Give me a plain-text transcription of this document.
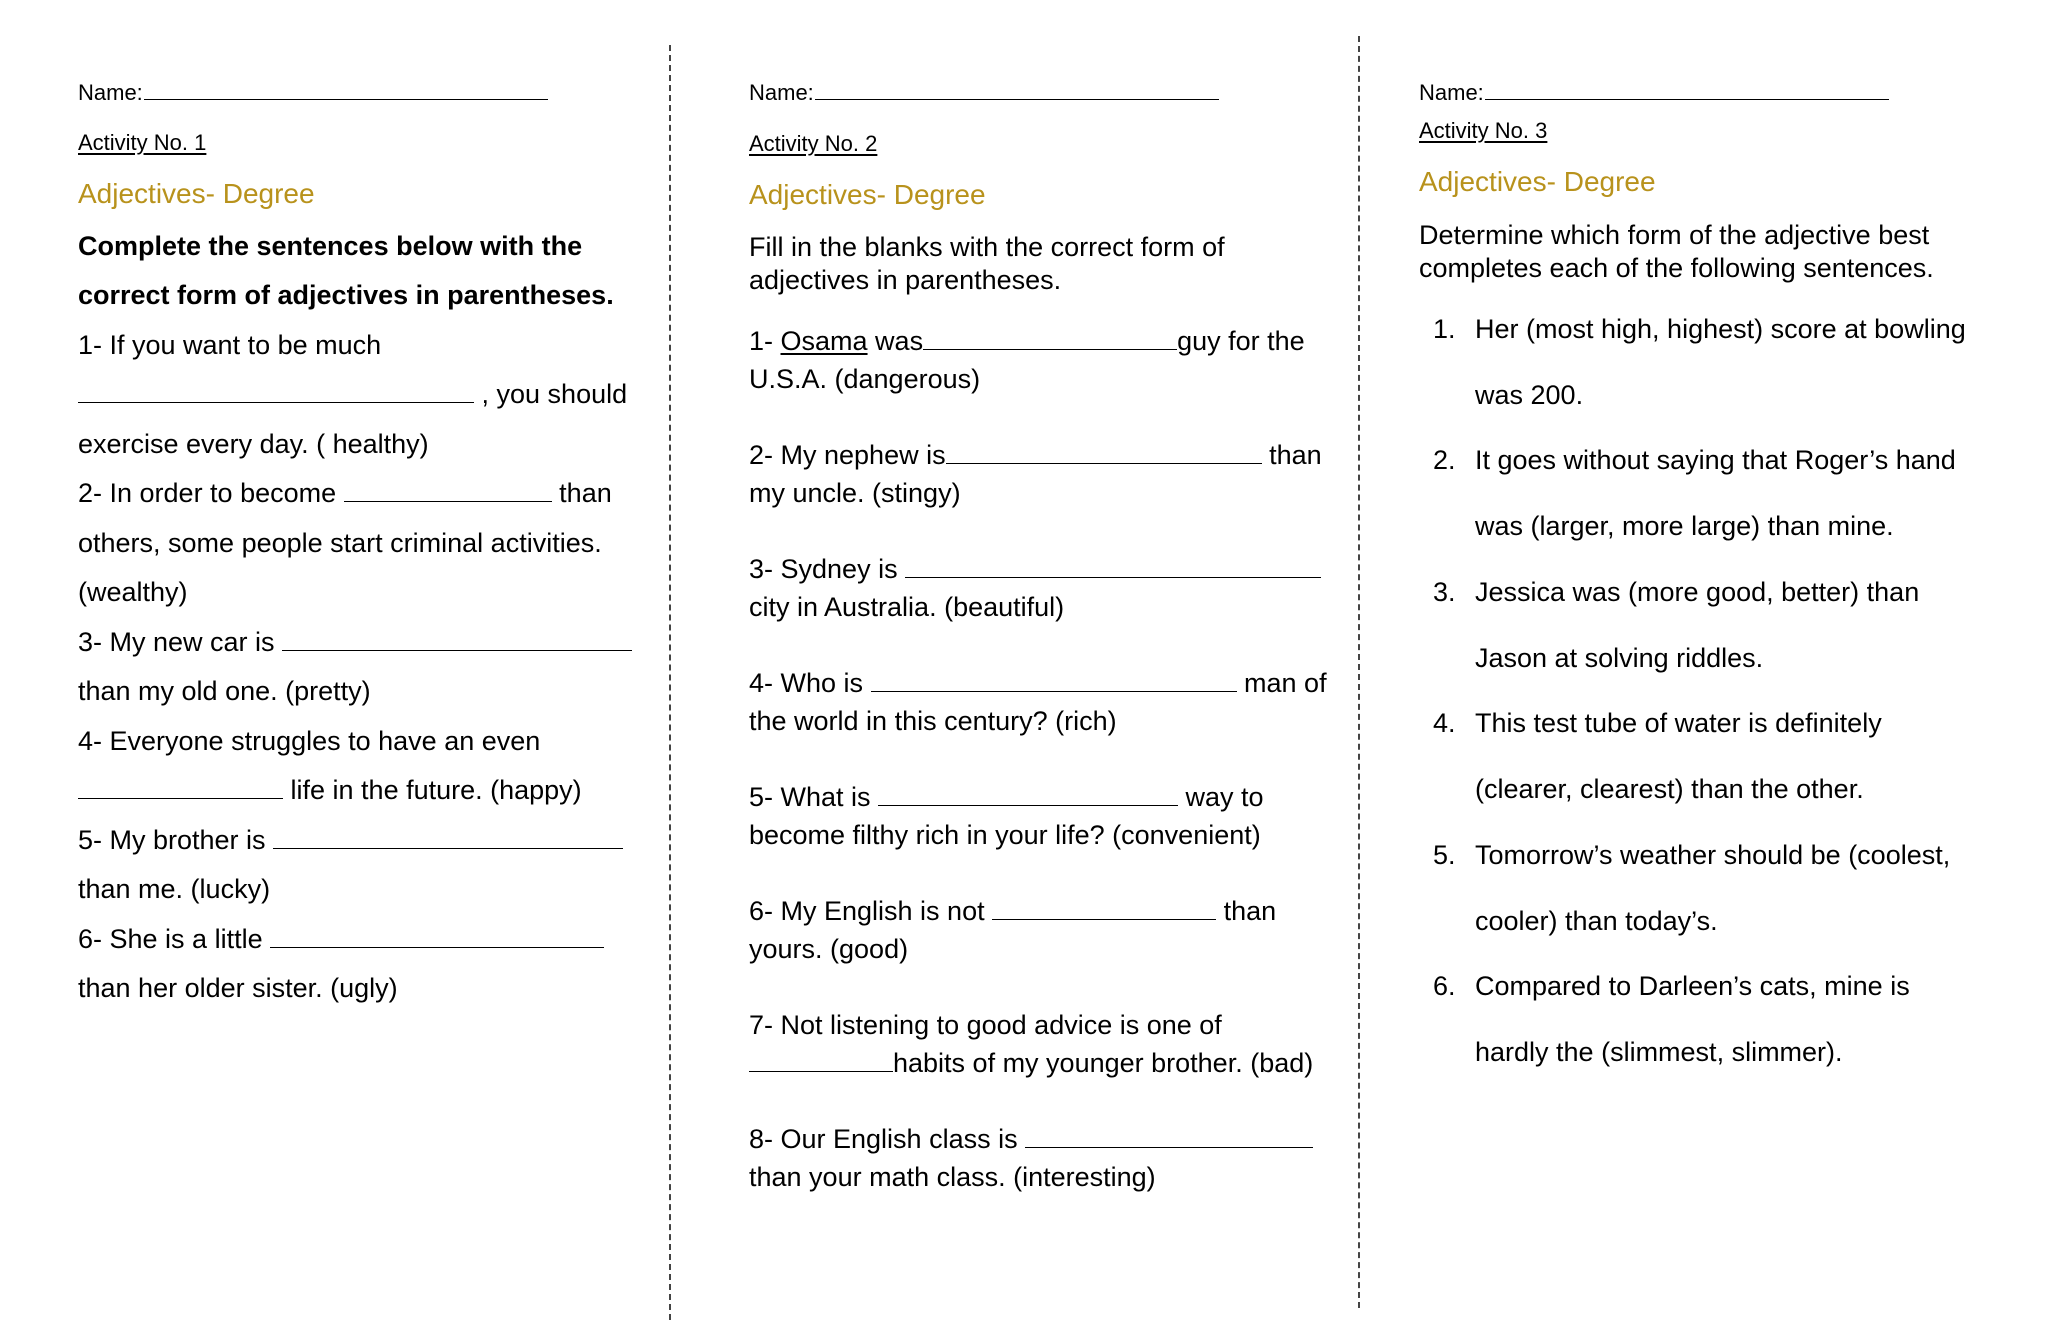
Name:
Activity No. 1
Adjectives- Degree
Complete the sentences below with the
correct form of adjectives in parentheses.
1- If you want to be much
, you should
exercise every day. ( healthy)
2- In order to become	than
others, some people start criminal activities.
(wealthy)
3- My new car is
than my old one. (pretty)
4- Everyone struggles to have an even
life in the future. (happy)
5- My brother is
than me. (lucky)
6- She is a little
than her older sister. (ugly)
Name:
Activity No. 2
Adjectives- Degree
Fill in the blanks with the correct form of
adjectives in parentheses.
1- Osama was	guy for the
U.S.A. (dangerous)
2- My nephew is	than
my uncle. (stingy)
3- Sydney is
city in Australia. (beautiful)
4- Who is	man of
the world in this century? (rich)
5- What is	way to
become filthy rich in your life? (convenient)
6- My English is not	than
yours. (good)
7- Not listening to good advice is one of
habits of my younger brother. (bad)
8- Our English class is
than your math class. (interesting)
Name:
Activity No. 3
Adjectives- Degree
Determine which form of the adjective best
completes each of the following sentences.
1. Her (most high, highest) score at bowling
was 200.
2. It goes without saying that Roger’s hand
was (larger, more large) than mine.
3. Jessica was (more good, better) than
Jason at solving riddles.
4. This test tube of water is definitely
(clearer, clearest) than the other.
5. Tomorrow’s weather should be (coolest,
cooler) than today’s.
6. Compared to Darleen’s cats, mine is
hardly the (slimmest, slimmer).
